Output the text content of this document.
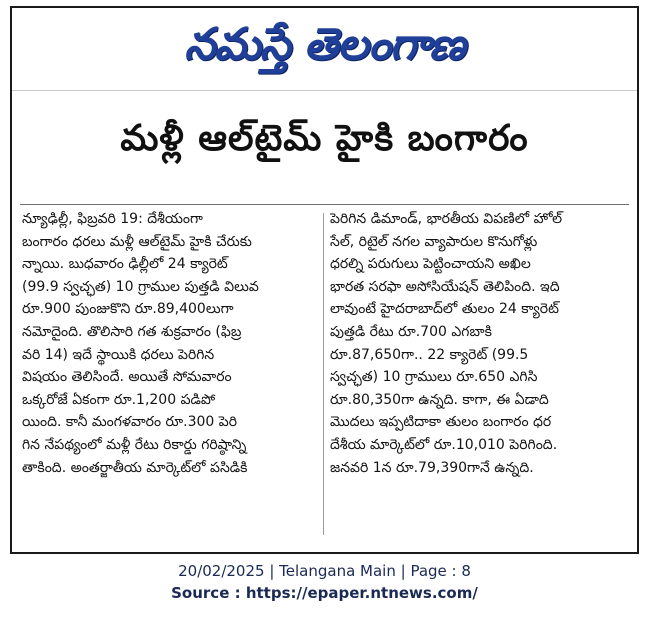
నమస్తే తెలంగాణ
మళ్లీ ఆల్‌టైమ్ హైకి బంగారం
న్యూఢిల్లీ, ఫిబ్రవరి 19: దేశీయంగా
బంగారం ధరలు మళ్లీ ఆల్‌టైమ్ హైకి చేరుకు
న్నాయి. బుధవారం ఢిల్లీలో 24 క్యారెట్
(99.9 స్వచ్ఛత) 10 గ్రాముల పుత్తడి విలువ
రూ.900 పుంజుకొని రూ.89,400లుగా
నమోదైంది. తొలిసారి గత శుక్రవారం (ఫిబ్ర
వరి 14) ఇదే స్థాయికి ధరలు పెరిగిన
విషయం తెలిసిందే. అయితే సోమవారం
ఒక్కరోజే ఏకంగా రూ.1,200 పడిపో
యింది. కానీ మంగళవారం రూ.300 పెరి
గిన నేపథ్యంలో మళ్లీ రేటు రికార్డు గరిష్ఠాన్ని
తాకింది. అంతర్జాతీయ మార్కెట్‌లో పసిడికి
పెరిగిన డిమాండ్, భారతీయ విపణిలో హోల్
సేల్, రిటైల్ నగల వ్యాపారుల కొనుగోళ్లు
ధరల్ని పరుగులు పెట్టించాయని అఖిల
భారత సరఫా అసోసియేషన్ తెలిపింది. ఇది
లావుంటే హైదరాబాద్‌లో తులం 24 క్యారెట్
పుత్తడి రేటు రూ.700 ఎగబాకి
రూ.87,650గా.. 22 క్యారెట్ (99.5
స్వచ్ఛత) 10 గ్రాములు రూ.650 ఎగిసి
రూ.80,350గా ఉన్నది. కాగా, ఈ ఏడాది
మొదలు ఇప్పటిదాకా తులం బంగారం ధర
దేశీయ మార్కెట్‌లో రూ.10,010 పెరిగింది.
జనవరి 1న రూ.79,390గానే ఉన్నది.
20/02/2025 | Telangana Main | Page : 8
Source : https://epaper.ntnews.com/
